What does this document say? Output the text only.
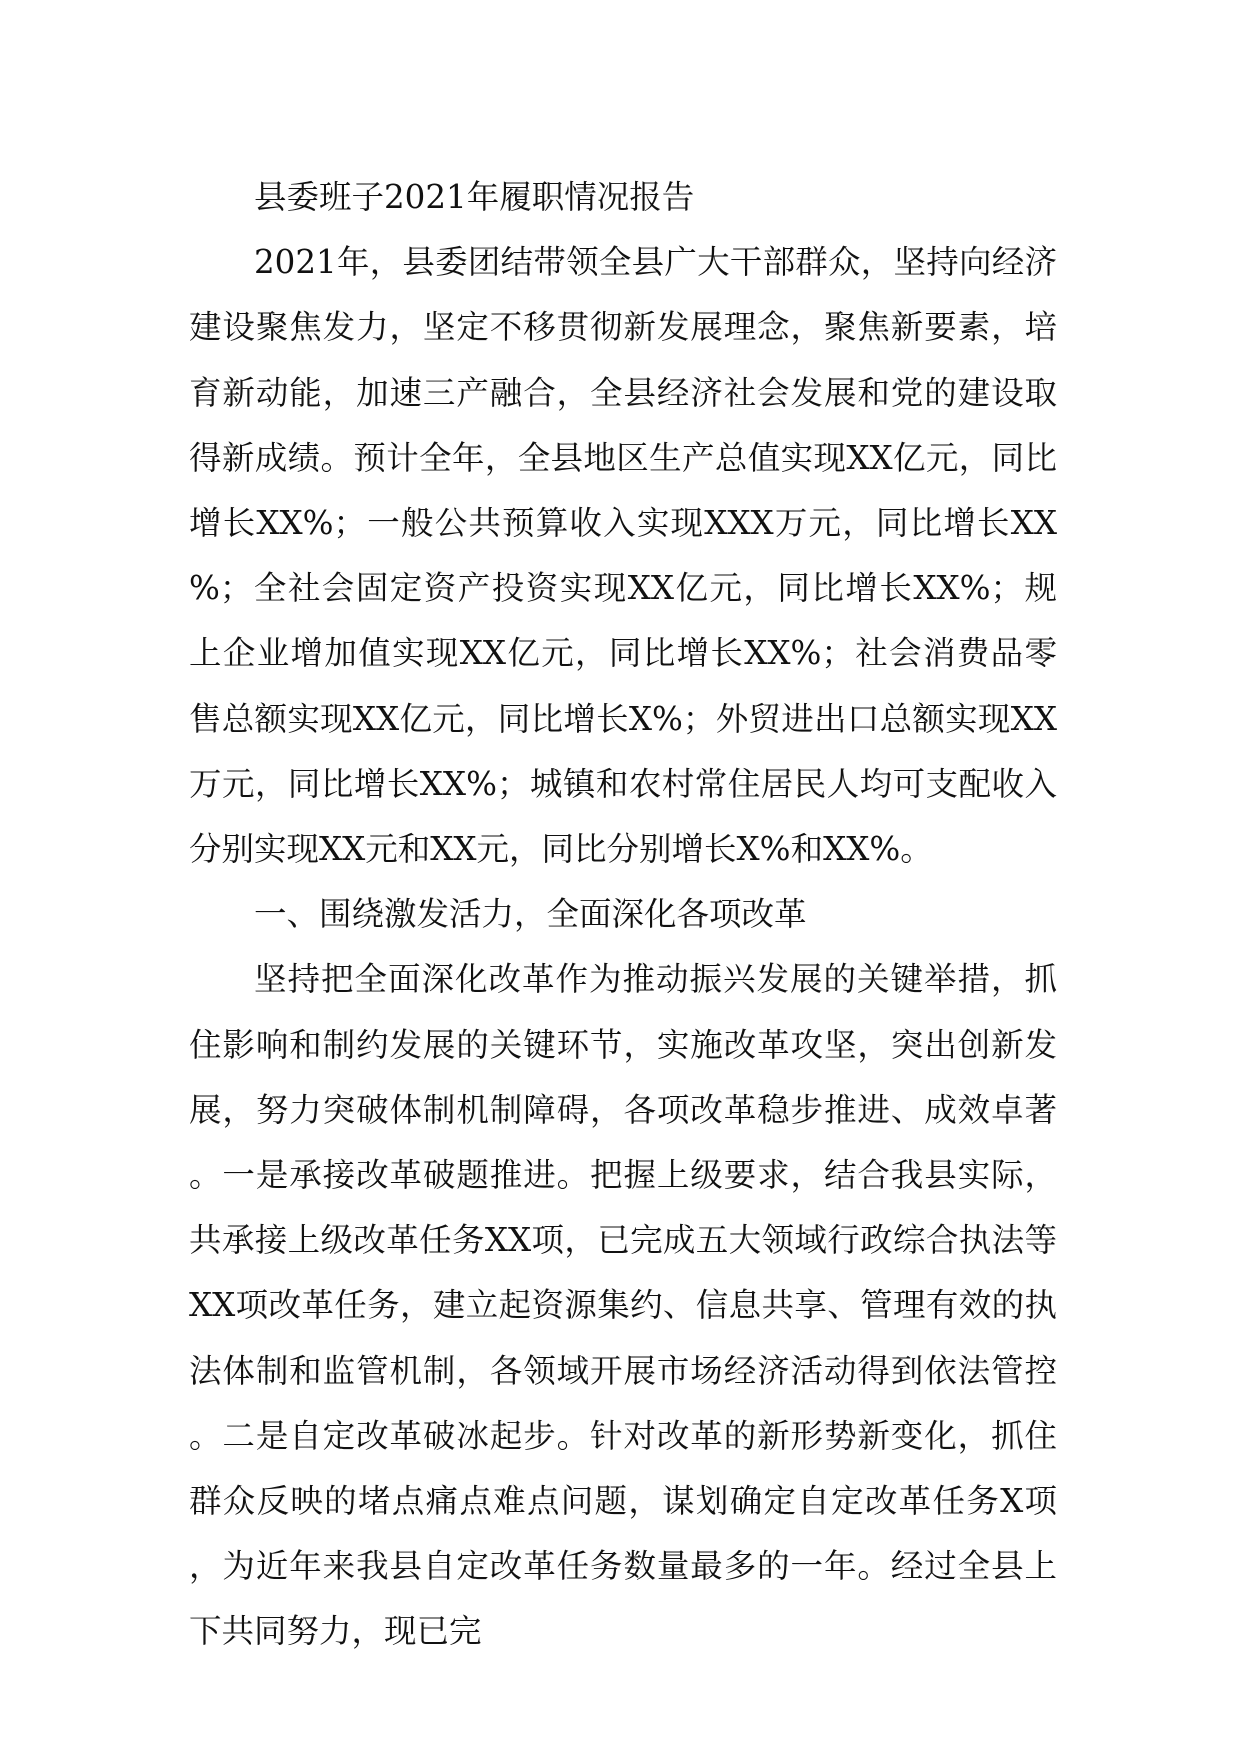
县委班子2021年履职情况报告

2021年，县委团结带领全县广大干部群众，坚持向经济建设聚焦发力，坚定不移贯彻新发展理念，聚焦新要素，培育新动能，加速三产融合，全县经济社会发展和党的建设取得新成绩。预计全年，全县地区生产总值实现XX亿元，同比增长XX%；一般公共预算收入实现XXX万元，同比增长XX%；全社会固定资产投资实现XX亿元，同比增长XX%；规上企业增加值实现XX亿元，同比增长XX%；社会消费品零售总额实现XX亿元，同比增长X%；外贸进出口总额实现XX万元，同比增长XX%；城镇和农村常住居民人均可支配收入分别实现XX元和XX元，同比分别增长X%和XX%。

一、围绕激发活力，全面深化各项改革

坚持把全面深化改革作为推动振兴发展的关键举措，抓住影响和制约发展的关键环节，实施改革攻坚，突出创新发展，努力突破体制机制障碍，各项改革稳步推进、成效卓著。一是承接改革破题推进。把握上级要求，结合我县实际，共承接上级改革任务XX项，已完成五大领域行政综合执法等XX项改革任务，建立起资源集约、信息共享、管理有效的执法体制和监管机制，各领域开展市场经济活动得到依法管控。二是自定改革破冰起步。针对改革的新形势新变化，抓住群众反映的堵点痛点难点问题，谋划确定自定改革任务X项，为近年来我县自定改革任务数量最多的一年。经过全县上下共同努力，现已完
